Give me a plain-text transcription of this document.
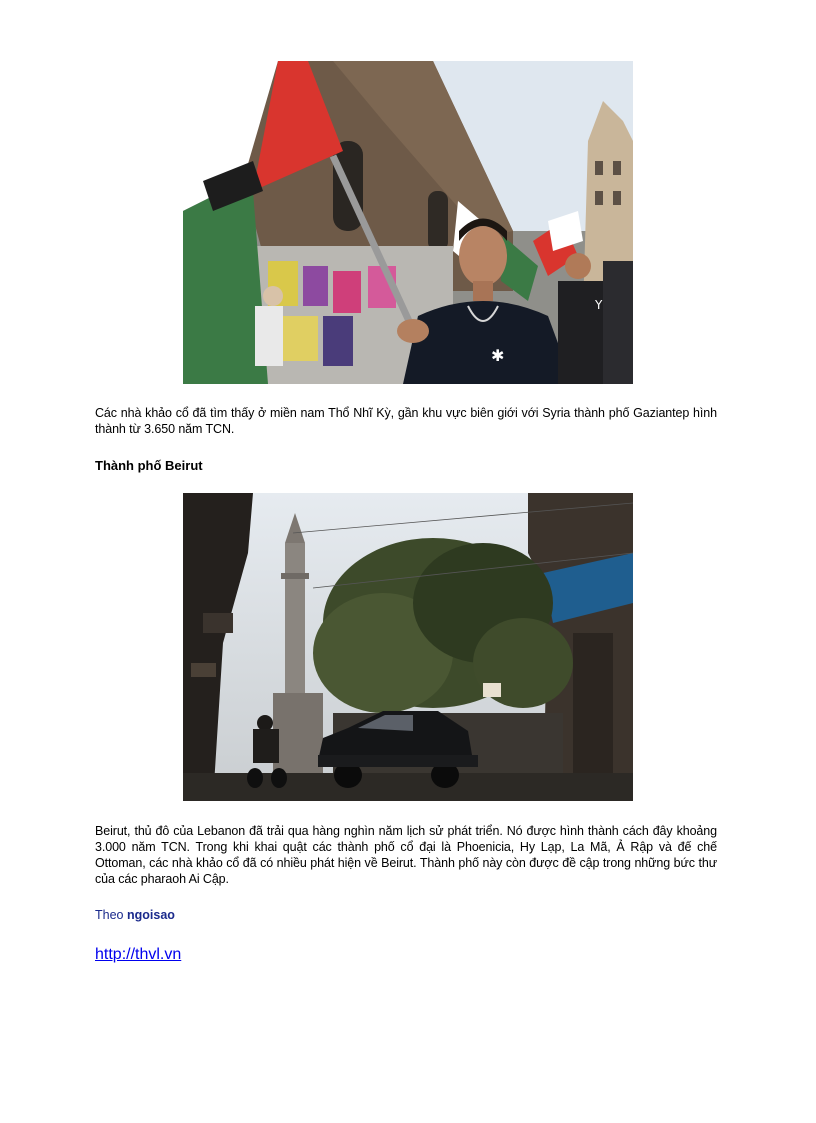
✱
Y

Các nhà khảo cổ đã tìm thấy ở miền nam Thổ Nhĩ Kỳ, gần khu vực biên giới với Syria thành phố Gaziantep hình thành từ 3.650 năm TCN.

Thành phố Beirut

Beirut, thủ đô của Lebanon đã trải qua hàng nghìn năm lịch sử phát triển. Nó được hình thành cách đây khoảng 3.000 năm TCN. Trong khi khai quật các thành phố cổ đại là Phoenicia, Hy Lạp, La Mã, Ả Rập và đế chế Ottoman, các nhà khảo cổ đã có nhiều phát hiện về Beirut. Thành phố này còn được đề cập trong những bức thư của các pharaoh Ai Cập.

Theo ngoisao
http://thvl.vn
